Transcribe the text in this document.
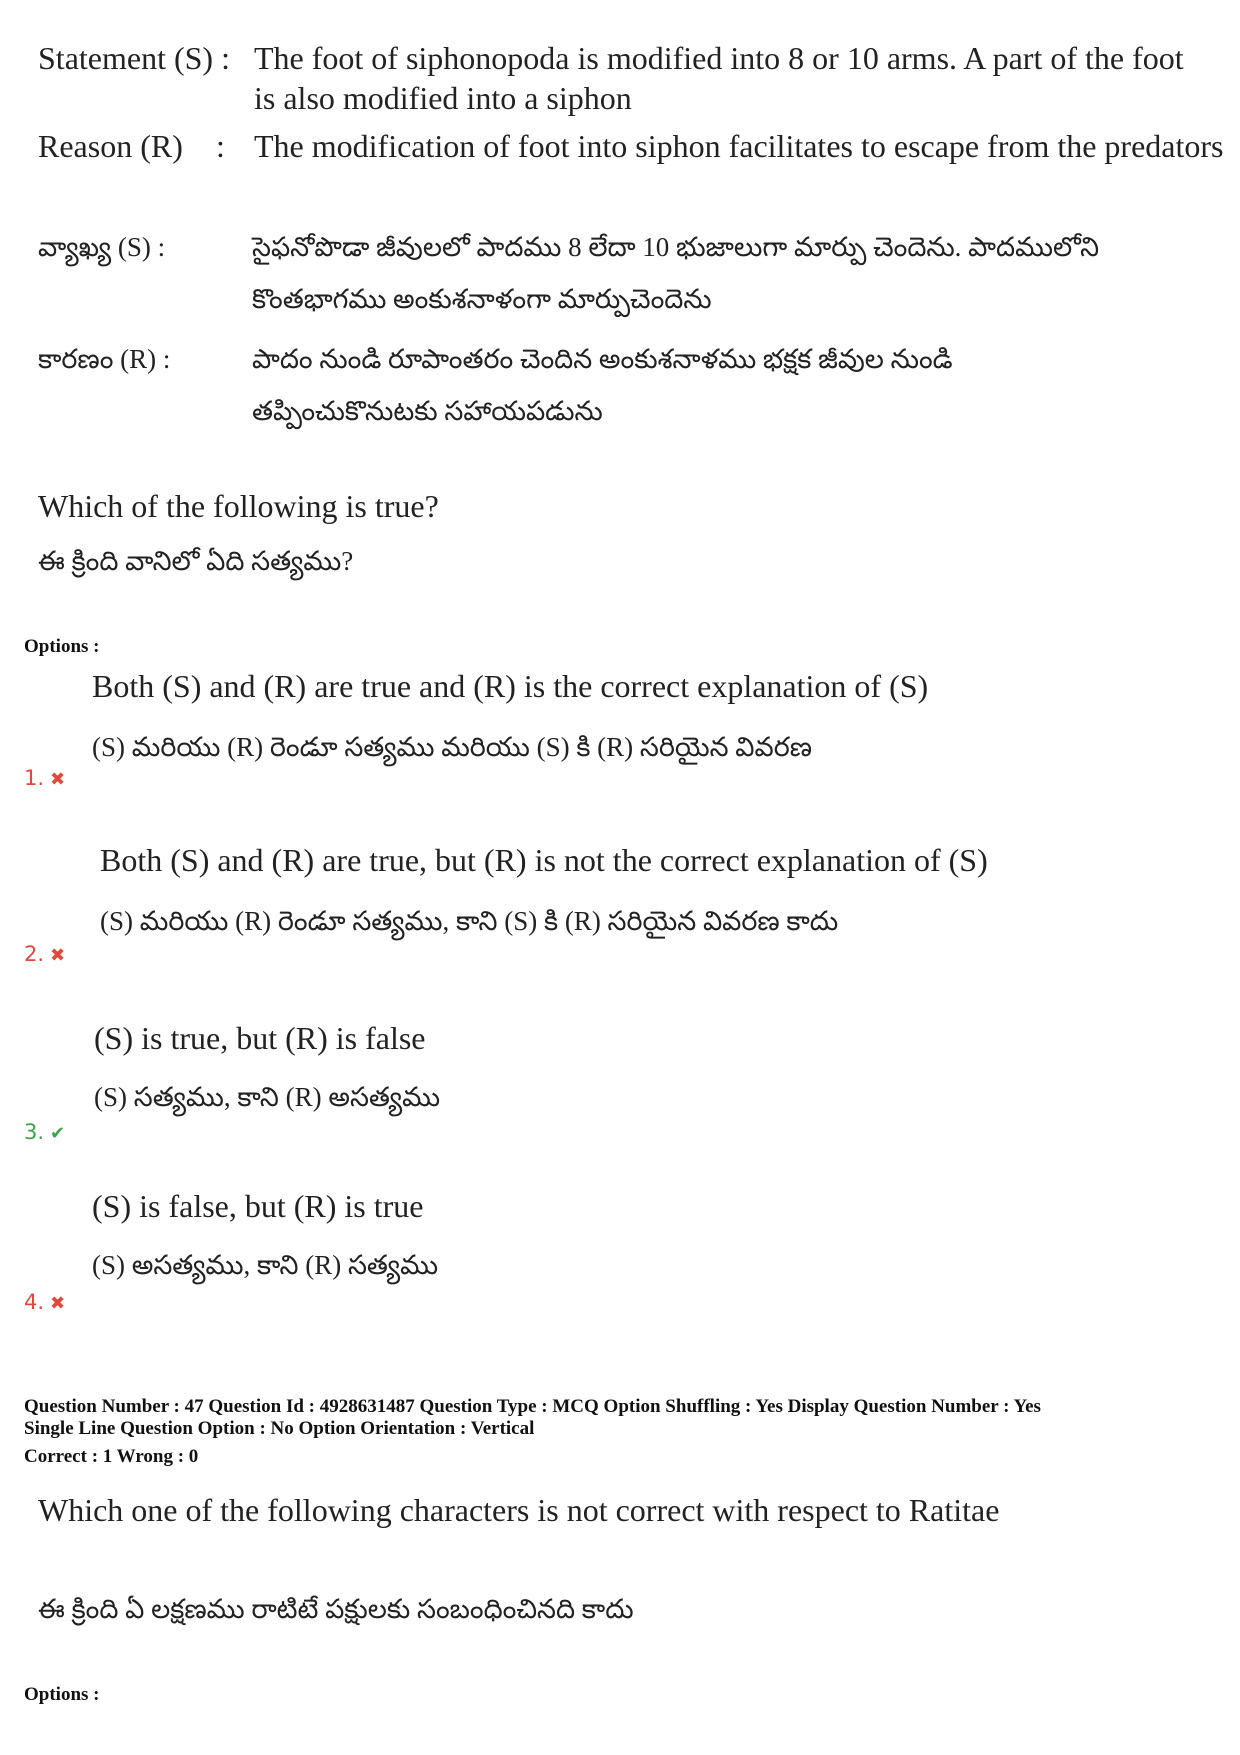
Statement (S) : The foot of siphonopoda is modified into 8 or 10 arms. A part of the foot
is also modified into a siphon
Reason (R) : The modification of foot into siphon facilitates to escape from the predators
వ్యాఖ్య (S) :	సైఫనోపొడా జీవులలో పాదము 8 లేదా 10 భుజాలుగా మార్పు చెందెను. పాదములోని
కొంతభాగము అంకుశనాళంగా మార్పుచెందెను
కారణం (R) :	పాదం నుండి రూపాంతరం చెందిన అంకుశనాళము భక్షక జీవుల నుండి
తప్పించుకొనుటకు సహాయపడును
Which of the following is true?
ఈ క్రింది వానిలో ఏది సత్యము?
Options :
Both (S) and (R) are true and (R) is the correct explanation of (S)
(S) మరియు (R) రెండూ సత్యము మరియు (S) కి (R) సరియైన వివరణ
1. ✖
Both (S) and (R) are true, but (R) is not the correct explanation of (S)
(S) మరియు (R) రెండూ సత్యము, కాని (S) కి (R) సరియైన వివరణ కాదు
2. ✖
(S) is true, but (R) is false
(S) సత్యము, కాని (R) అసత్యము
3. ✔
(S) is false, but (R) is true
(S) అసత్యము, కాని (R) సత్యము
4. ✖
Question Number : 47 Question Id : 4928631487 Question Type : MCQ Option Shuffling : Yes Display Question Number : Yes
Single Line Question Option : No Option Orientation : Vertical
Correct : 1 Wrong : 0
Which one of the following characters is not correct with respect to Ratitae
ఈ క్రింది ఏ లక్షణము రాటిటే పక్షులకు సంబంధించినది కాదు
Options :
